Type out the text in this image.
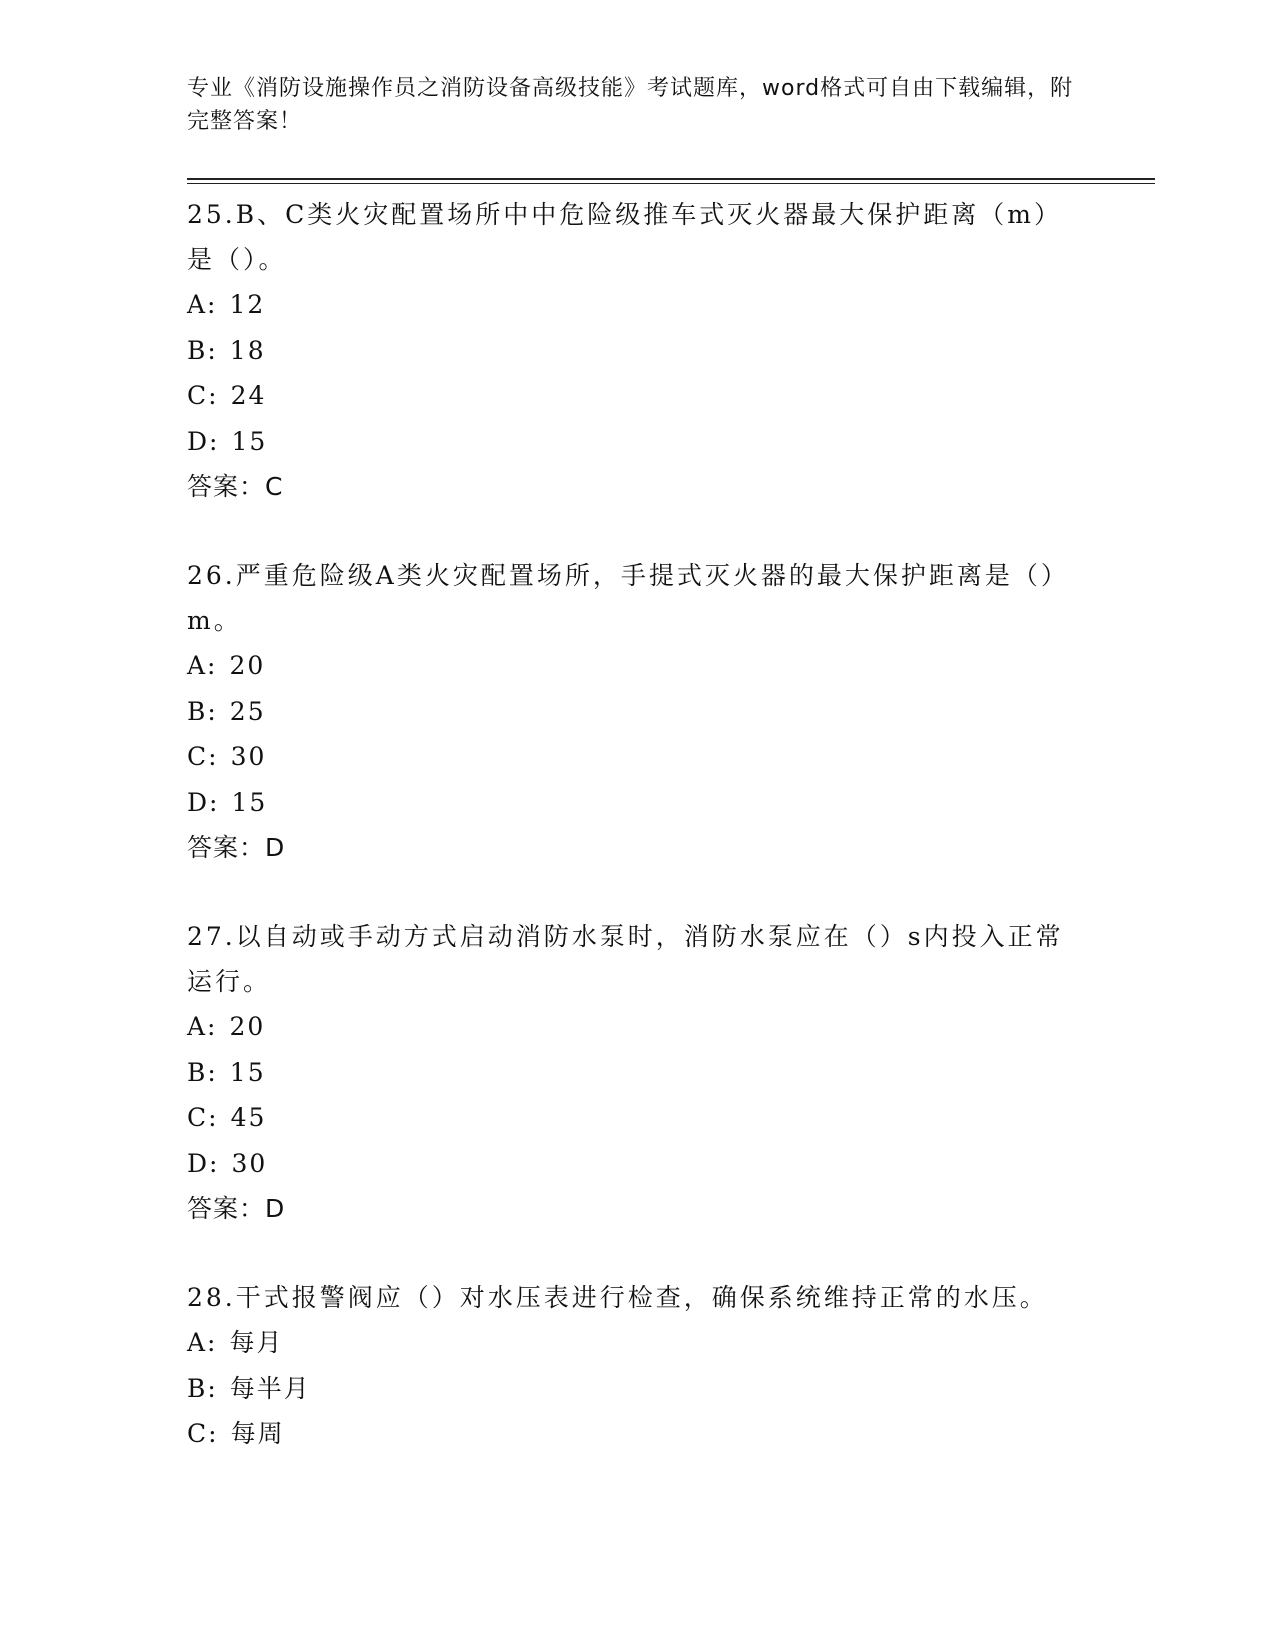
专业《消防设施操作员之消防设备高级技能》考试题库，word格式可自由下载编辑，附完整答案！

25.B、C类火灾配置场所中中危险级推车式灭火器最大保护距离（m）是（）。

A: 12

B: 18

C: 24

D: 15

答案：C

26.严重危险级A类火灾配置场所，手提式灭火器的最大保护距离是（）m。

A: 20

B: 25

C: 30

D: 15

答案：D

27.以自动或手动方式启动消防水泵时，消防水泵应在（）s内投入正常运行。

A: 20

B: 15

C: 45

D: 30

答案：D

28.干式报警阀应（）对水压表进行检查，确保系统维持正常的水压。

A: 每月

B: 每半月

C: 每周
